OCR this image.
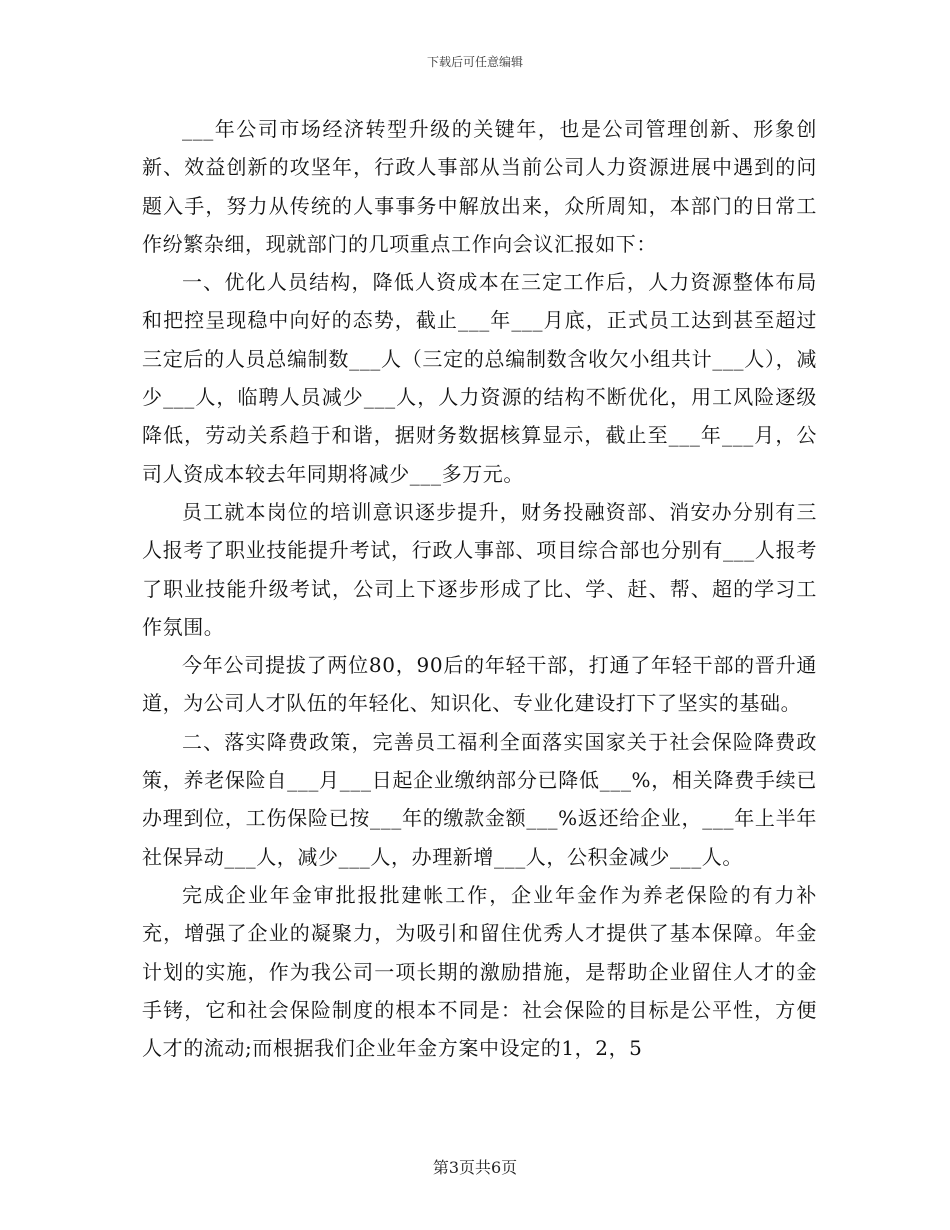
下载后可任意编辑

___年公司市场经济转型升级的关键年，也是公司管理创新、形象创新、效益创新的攻坚年，行政人事部从当前公司人力资源进展中遇到的问题入手，努力从传统的人事事务中解放出来，众所周知，本部门的日常工作纷繁杂细，现就部门的几项重点工作向会议汇报如下：

一、优化人员结构，降低人资成本在三定工作后，人力资源整体布局和把控呈现稳中向好的态势，截止___年___月底，正式员工达到甚至超过三定后的人员总编制数___人（三定的总编制数含收欠小组共计___人），减少___人，临聘人员减少___人，人力资源的结构不断优化，用工风险逐级降低，劳动关系趋于和谐，据财务数据核算显示，截止至___年___月，公司人资成本较去年同期将减少___多万元。

员工就本岗位的培训意识逐步提升，财务投融资部、消安办分别有三人报考了职业技能提升考试，行政人事部、项目综合部也分别有___人报考了职业技能升级考试，公司上下逐步形成了比、学、赶、帮、超的学习工作氛围。

今年公司提拔了两位80，90后的年轻干部，打通了年轻干部的晋升通道，为公司人才队伍的年轻化、知识化、专业化建设打下了坚实的基础。

二、落实降费政策，完善员工福利全面落实国家关于社会保险降费政策，养老保险自___月___日起企业缴纳部分已降低___%，相关降费手续已办理到位，工伤保险已按___年的缴款金额___%返还给企业，___年上半年社保异动___人，减少___人，办理新增___人，公积金减少___人。

完成企业年金审批报批建帐工作，企业年金作为养老保险的有力补充，增强了企业的凝聚力，为吸引和留住优秀人才提供了基本保障。年金计划的实施，作为我公司一项长期的激励措施，是帮助企业留住人才的金手铐，它和社会保险制度的根本不同是：社会保险的目标是公平性，方便人才的流动;而根据我们企业年金方案中设定的1，2，5

第3页共6页
